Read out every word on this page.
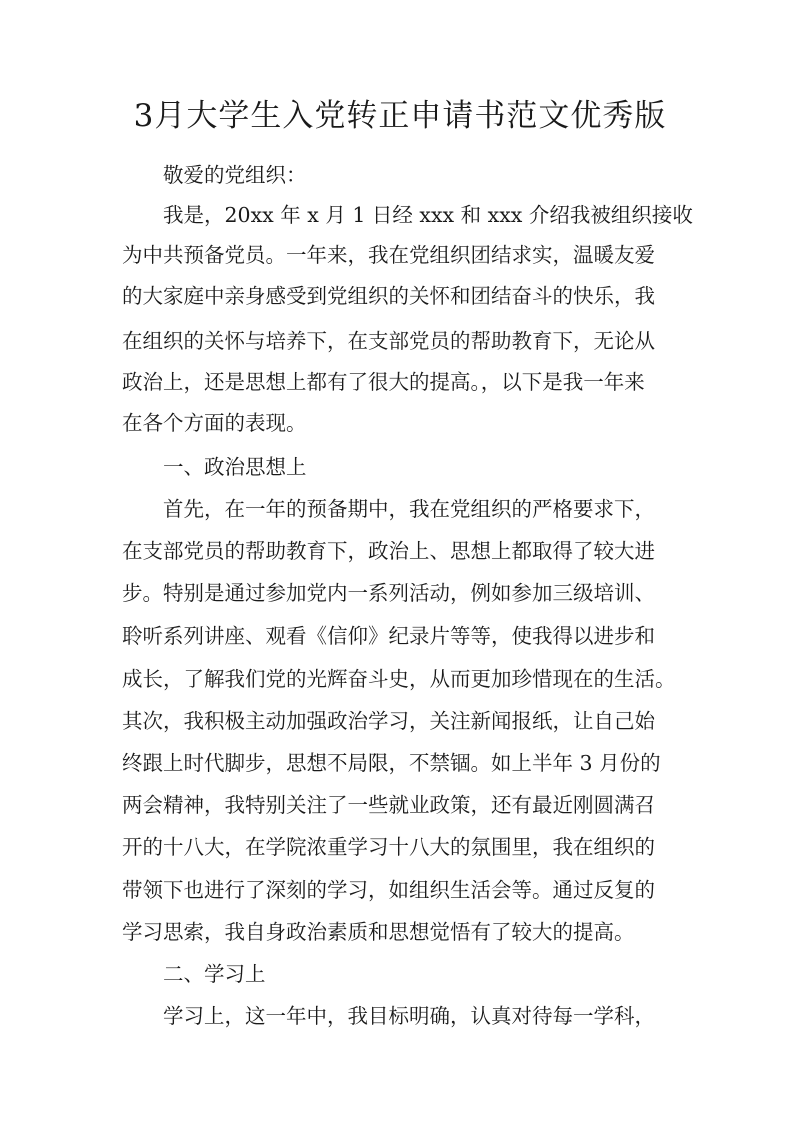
3月大学生入党转正申请书范文优秀版
敬爱的党组织：
我是，20xx 年 x 月 1 日经 xxx 和 xxx 介绍我被组织接收
为中共预备党员。一年来，我在党组织团结求实，温暖友爱
的大家庭中亲身感受到党组织的关怀和团结奋斗的快乐，我
在组织的关怀与培养下，在支部党员的帮助教育下，无论从
政治上，还是思想上都有了很大的提高。，以下是我一年来
在各个方面的表现。
一、政治思想上
首先，在一年的预备期中，我在党组织的严格要求下，
在支部党员的帮助教育下，政治上、思想上都取得了较大进
步。特别是通过参加党内一系列活动，例如参加三级培训、
聆听系列讲座、观看《信仰》纪录片等等，使我得以进步和
成长，了解我们党的光辉奋斗史，从而更加珍惜现在的生活。
其次，我积极主动加强政治学习，关注新闻报纸，让自己始
终跟上时代脚步，思想不局限，不禁锢。如上半年 3 月份的
两会精神，我特别关注了一些就业政策，还有最近刚圆满召
开的十八大，在学院浓重学习十八大的氛围里，我在组织的
带领下也进行了深刻的学习，如组织生活会等。通过反复的
学习思索，我自身政治素质和思想觉悟有了较大的提高。
二、学习上
学习上，这一年中，我目标明确，认真对待每一学科，
